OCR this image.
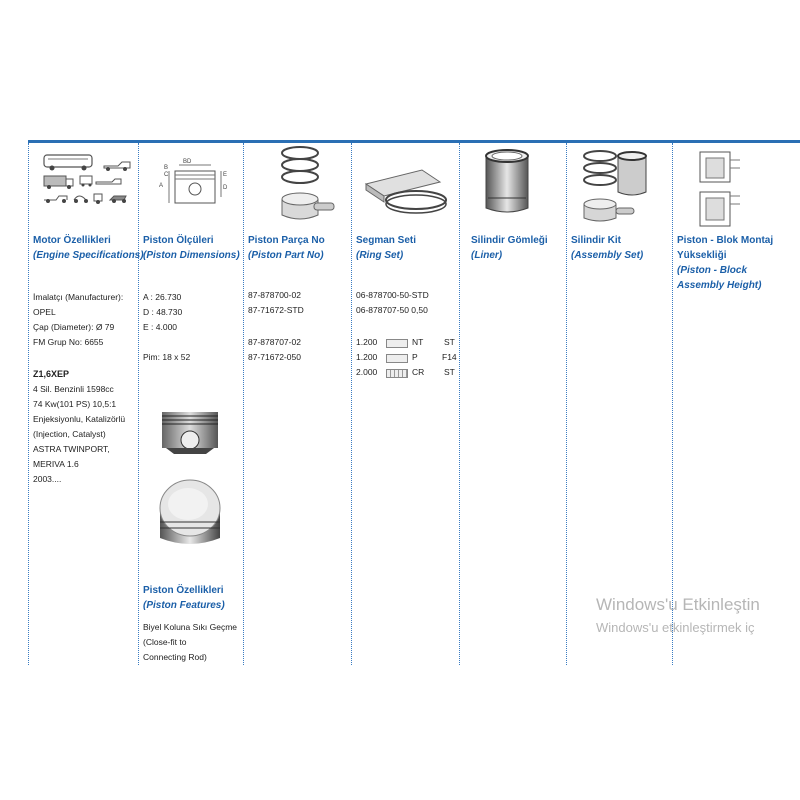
Motor Özellikleri
(Engine Specifications)
İmalatçı (Manufacturer):
OPEL
Çap (Diameter): Ø 79
FM Grup No: 6655
Z1,6XEP
4 Sil. Benzinli 1598cc
74 Kw(101 PS) 10,5:1
Enjeksiyonlu, Katalizörlü
(Injection, Catalyst)
ASTRA TWINPORT,
MERIVA 1.6
2003....
BD
B
C	E
A	D
Piston Ölçüleri
(Piston Dimensions)
A : 26.730
D : 48.730
E : 4.000
Pim: 18 x 52
Piston Özellikleri
(Piston Features)
Biyel Koluna Sıkı Geçme
(Close-fit to
Connecting Rod)
Piston Parça No
(Piston Part No)
87-878700-02
87-71672-STD
87-878707-02
87-71672-050
Segman Seti
(Ring Set)
06-878700-50-STD
06-878707-50 0,50
1.200	NT ST
1.200	P	F14
2.000	CR ST
Silindir Gömleği
(Liner)
Silindir Kit
(Assembly Set)
Piston - Blok Montaj
Yüksekliği
(Piston - Block
Assembly Height)
Windows'u Etkinleştin
Windows'u etkinleştirmek iç
